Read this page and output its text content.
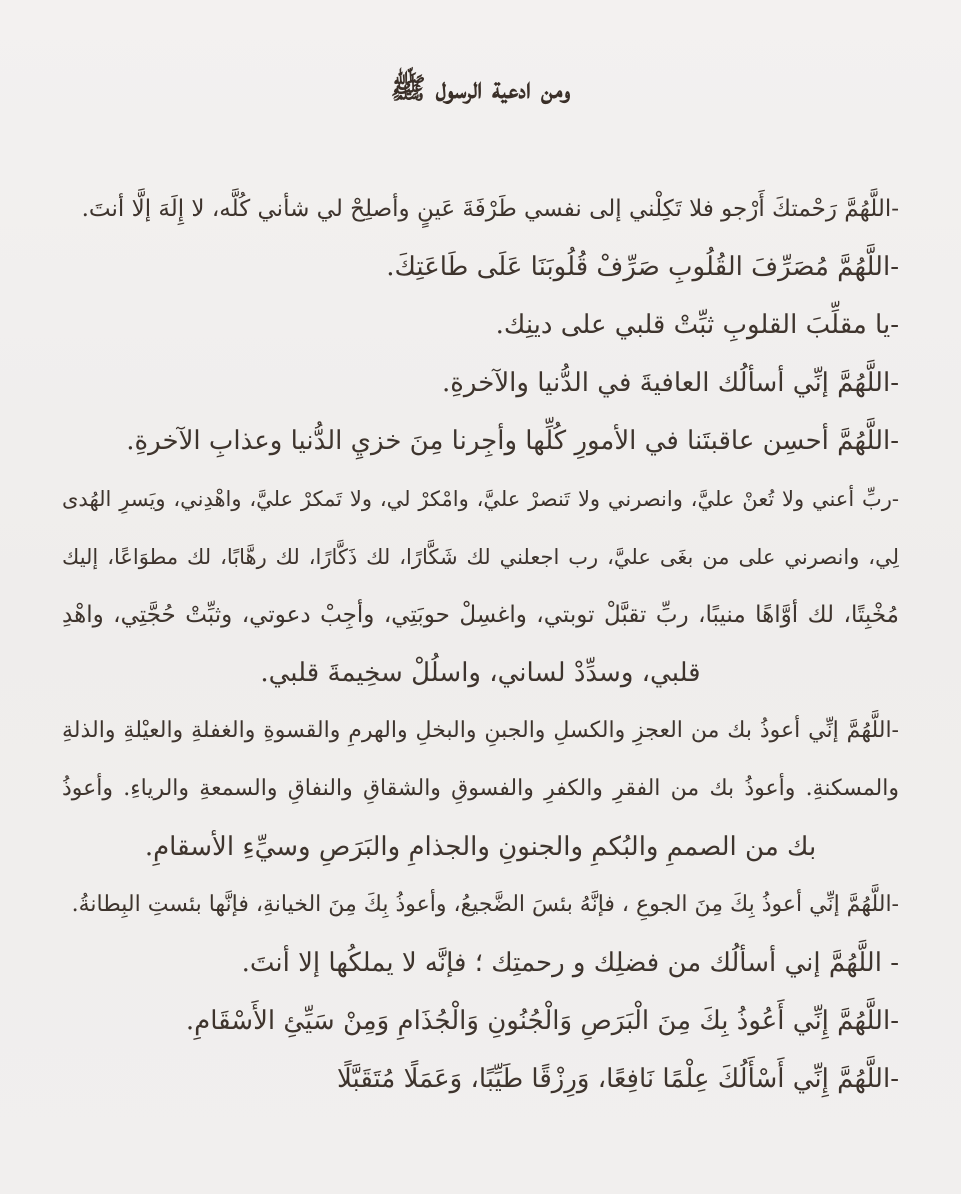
ومن ادعية الرسول ﷺ
-اللَّهُمَّ رَحْمتكَ أَرْجو فلا تَكِلْني إلى نفسي طَرْفَةَ عَينٍ وأصلِحْ لي شأني كُلَّه، لا إِلَهَ إلَّا أنتَ.
-اللَّهُمَّ مُصَرِّفَ القُلُوبِ صَرِّفْ قُلُوبَنَا عَلَى طَاعَتِكَ.
-يا مقلِّبَ القلوبِ ثبِّتْ قلبي على دينِك.
-اللَّهُمَّ إنِّي أسألُك العافيةَ في الدُّنيا والآخرةِ.
-اللَّهُمَّ أحسِن عاقبتَنا في الأمورِ كُلِّها وأجِرنا مِنَ خزيِ الدُّنيا وعذابِ الآخرةِ.
-ربِّ أعني ولا تُعنْ عليَّ، وانصرني ولا تَنصرْ عليَّ، وامْكرْ لي، ولا تَمكرْ عليَّ، واهْدِني، ويَسرِ الهُدى
لِي، وانصرني على من بغَى عليَّ، رب اجعلني لك شَكَّارًا، لك ذَكَّارًا، لك رهَّابًا، لك مطوَاعًا، إليك
مُخْبِتًا، لك أوَّاهًا منيبًا، ربِّ تقبَّلْ توبتي، واغسِلْ حوبَتِي، وأجِبْ دعوتي، وثبِّتْ حُجَّتِي، واهْدِ
قلبي، وسدِّدْ لساني، واسلُلْ سخِيمةَ قلبي.
-اللَّهُمَّ إنِّي أعوذُ بك من العجزِ والكسلِ والجبنِ والبخلِ والهرمِ والقسوةِ والغفلةِ والعيْلةِ والذلةِ
والمسكنةِ. وأعوذُ بك من الفقرِ والكفرِ والفسوقِ والشقاقِ والنفاقِ والسمعةِ والرياءِ. وأعوذُ
بك من الصممِ والبُكمِ والجنونِ والجذامِ والبَرَصِ وسيِّءِ الأسقامِ.
-اللَّهُمَّ إنِّي أعوذُ بِكَ مِنَ الجوعِ ، فإنَّهُ بئسَ الضَّجيعُ، وأعوذُ بِكَ مِنَ الخيانةِ، فإنَّها بئستِ البِطانةُ.
- اللَّهُمَّ إني أسألُك من فضلِك و رحمتِك ؛ فإنَّه لا يملكُها إلا أنتَ.
-اللَّهُمَّ إِنِّي أَعُوذُ بِكَ مِنَ الْبَرَصِ وَالْجُنُونِ وَالْجُذَامِ وَمِنْ سَيِّئِ الأَسْقَامِ.
-اللَّهُمَّ إِنِّي أَسْأَلُكَ عِلْمًا نَافِعًا، وَرِزْقًا طَيِّبًا، وَعَمَلًا مُتَقَبَّلًا
